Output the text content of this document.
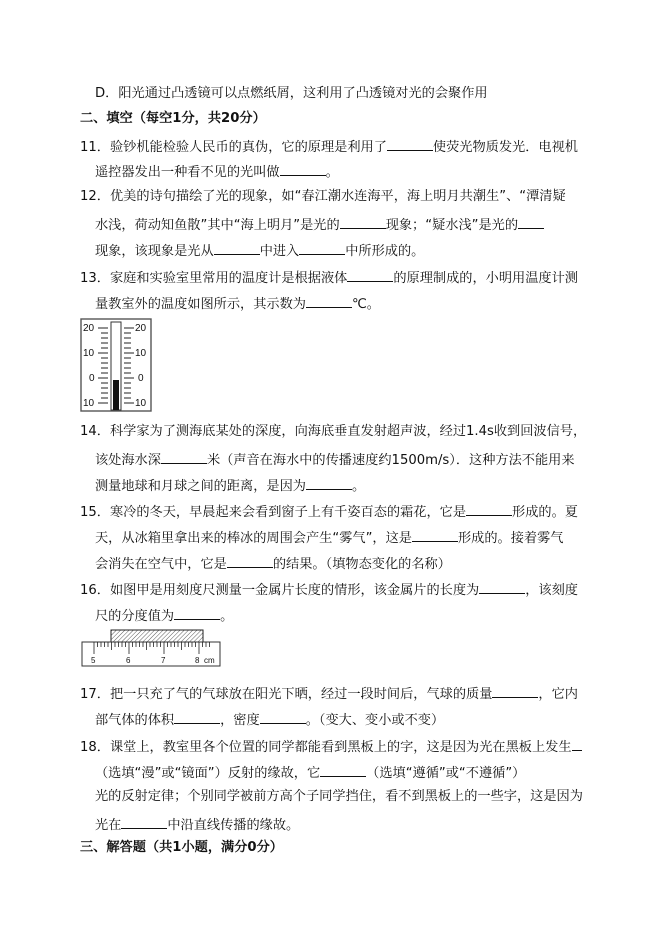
D．阳光通过凸透镜可以点燃纸屑，这利用了凸透镜对光的会聚作用
二、填空（每空1分，共20分）
11．验钞机能检验人民币的真伪，它的原理是利用了	使荧光物质发光．电视机
遥控器发出一种看不见的光叫做	。
12．优美的诗句描绘了光的现象，如“春江潮水连海平，海上明月共潮生”、“潭清疑
水浅，荷动知鱼散”其中“海上明月”是光的	现象；“疑水浅”是光的
现象，该现象是光从	中进入	中所形成的。
13．家庭和实验室里常用的温度计是根据液体	的原理制成的，小明用温度计测
量教室外的温度如图所示，其示数为	℃。
20
10
0
10
20
10
0
10
14．科学家为了测海底某处的深度，向海底垂直发射超声波，经过1.4s收到回波信号，
该处海水深	米（声音在海水中的传播速度约1500m/s）．这种方法不能用来
测量地球和月球之间的距离，是因为	。
15．寒冷的冬天，早晨起来会看到窗子上有千姿百态的霜花，它是	形成的。夏
天，从冰箱里拿出来的棒冰的周围会产生“雾气”，这是	形成的。接着雾气
会消失在空气中，它是	的结果。（填物态变化的名称）
16．如图甲是用刻度尺测量一金属片长度的情形，该金属片的长度为	，该刻度
尺的分度值为	。
5	6	7	8 cm
17．把一只充了气的气球放在阳光下晒，经过一段时间后，气球的质量	，它内
部气体的体积	，密度	。（变大、变小或不变）
18．课堂上，教室里各个位置的同学都能看到黑板上的字，这是因为光在黑板上发生
（选填“漫”或“镜面”）反射的缘故，它	（选填“遵循”或“不遵循”）
光的反射定律；个别同学被前方高个子同学挡住，看不到黑板上的一些字，这是因为
光在	中沿直线传播的缘故。
三、解答题（共1小题，满分0分）
